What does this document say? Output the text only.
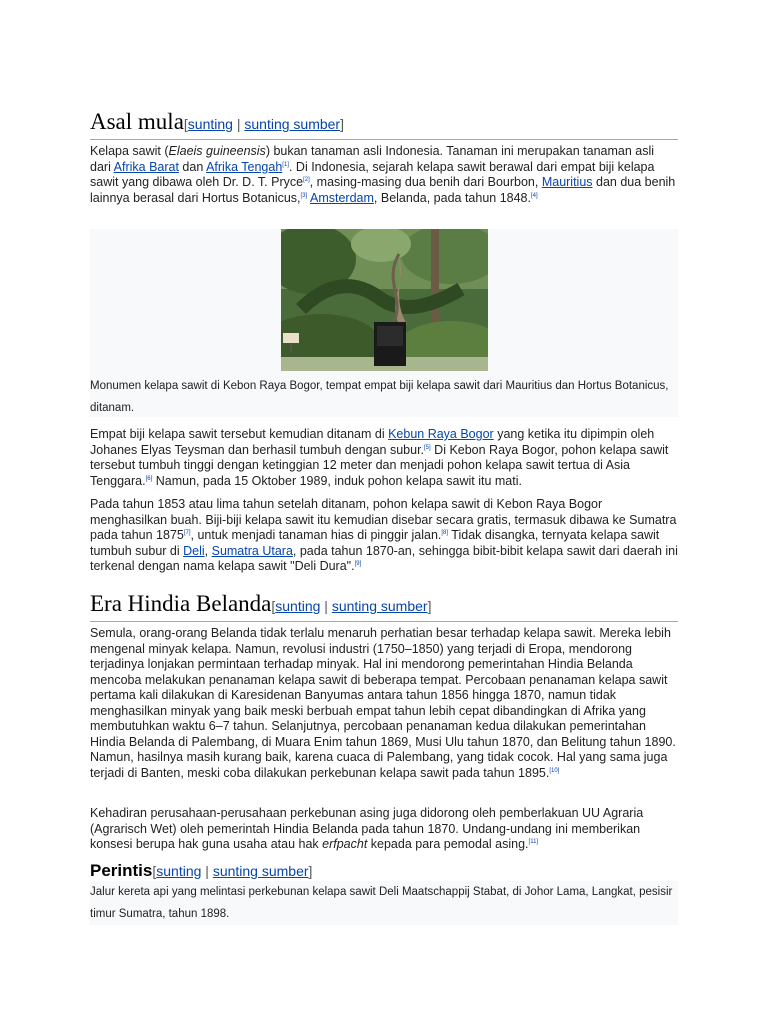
Asal mula[sunting | sunting sumber]

Kelapa sawit (Elaeis guineensis) bukan tanaman asli Indonesia. Tanaman ini merupakan tanaman asli dari Afrika Barat dan Afrika Tengah[1]. Di Indonesia, sejarah kelapa sawit berawal dari empat biji kelapa sawit yang dibawa oleh Dr. D. T. Pryce[2], masing-masing dua benih dari Bourbon, Mauritius dan dua benih lainnya berasal dari Hortus Botanicus,[3] Amsterdam, Belanda, pada tahun 1848.[4]

Monumen kelapa sawit di Kebon Raya Bogor, tempat empat biji kelapa sawit dari Mauritius dan Hortus Botanicus, ditanam.

Empat biji kelapa sawit tersebut kemudian ditanam di Kebun Raya Bogor yang ketika itu dipimpin oleh Johanes Elyas Teysman dan berhasil tumbuh dengan subur.[5] Di Kebon Raya Bogor, pohon kelapa sawit tersebut tumbuh tinggi dengan ketinggian 12 meter dan menjadi pohon kelapa sawit tertua di Asia Tenggara.[6] Namun, pada 15 Oktober 1989, induk pohon kelapa sawit itu mati.

Pada tahun 1853 atau lima tahun setelah ditanam, pohon kelapa sawit di Kebon Raya Bogor menghasilkan buah. Biji-biji kelapa sawit itu kemudian disebar secara gratis, termasuk dibawa ke Sumatra pada tahun 1875[7], untuk menjadi tanaman hias di pinggir jalan.[8] Tidak disangka, ternyata kelapa sawit tumbuh subur di Deli, Sumatra Utara, pada tahun 1870-an, sehingga bibit-bibit kelapa sawit dari daerah ini terkenal dengan nama kelapa sawit "Deli Dura".[9]

Era Hindia Belanda[sunting | sunting sumber]

Semula, orang-orang Belanda tidak terlalu menaruh perhatian besar terhadap kelapa sawit. Mereka lebih mengenal minyak kelapa. Namun, revolusi industri (1750–1850) yang terjadi di Eropa, mendorong terjadinya lonjakan permintaan terhadap minyak. Hal ini mendorong pemerintahan Hindia Belanda mencoba melakukan penanaman kelapa sawit di beberapa tempat. Percobaan penanaman kelapa sawit pertama kali dilakukan di Karesidenan Banyumas antara tahun 1856 hingga 1870, namun tidak menghasilkan minyak yang baik meski berbuah empat tahun lebih cepat dibandingkan di Afrika yang membutuhkan waktu 6–7 tahun. Selanjutnya, percobaan penanaman kedua dilakukan pemerintahan Hindia Belanda di Palembang, di Muara Enim tahun 1869, Musi Ulu tahun 1870, dan Belitung tahun 1890. Namun, hasilnya masih kurang baik, karena cuaca di Palembang, yang tidak cocok. Hal yang sama juga terjadi di Banten, meski coba dilakukan perkebunan kelapa sawit pada tahun 1895.[10]

Kehadiran perusahaan-perusahaan perkebunan asing juga didorong oleh pemberlakuan UU Agraria (Agrarisch Wet) oleh pemerintah Hindia Belanda pada tahun 1870. Undang-undang ini memberikan konsesi berupa hak guna usaha atau hak erfpacht kepada para pemodal asing.[11]

Perintis[sunting | sunting sumber]
Jalur kereta api yang melintasi perkebunan kelapa sawit Deli Maatschappij Stabat, di Johor Lama, Langkat, pesisir timur Sumatra, tahun 1898.
